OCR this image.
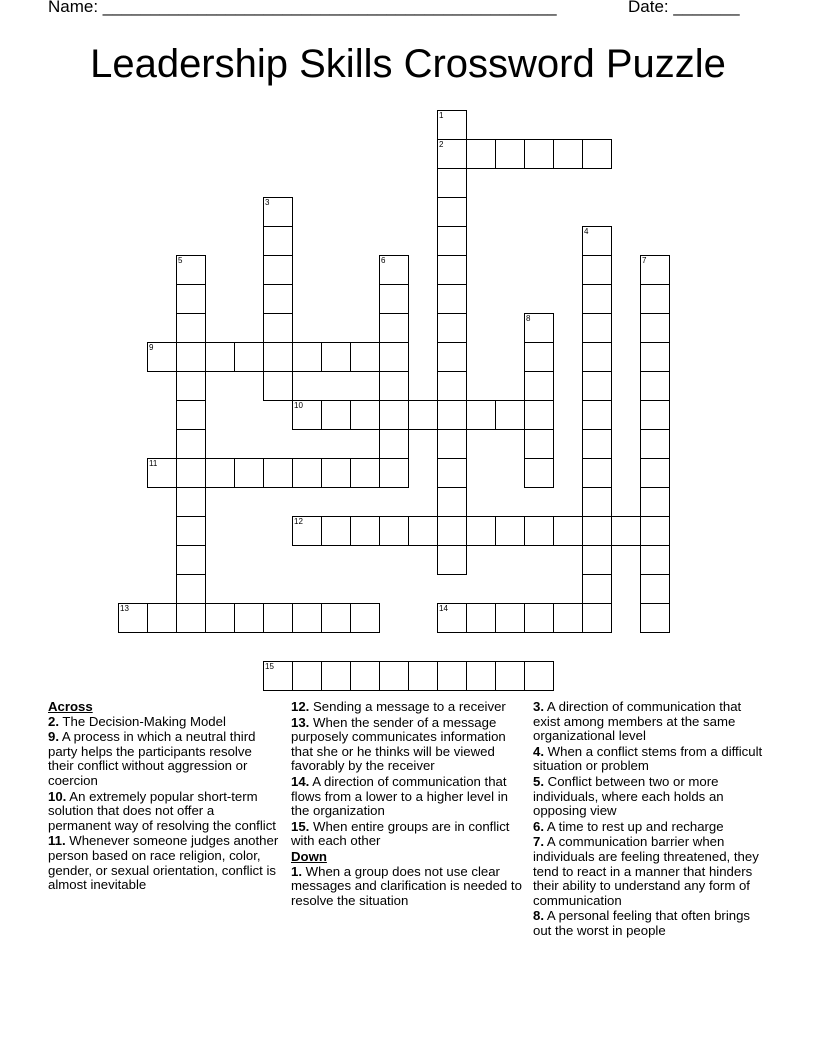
Name: ________________________________________________	Date: _______
Leadership Skills Crossword Puzzle
1
2
3
4
5	6	7
8
9
10
11
12
13	14
15
Across
2. The Decision-Making Model
9. A process in which a neutral third party helps the participants resolve their conflict without aggression or coercion
10. An extremely popular short-term solution that does not offer a permanent way of resolving the conflict
11. Whenever someone judges another person based on race religion, color, gender, or sexual orientation, conflict is almost inevitable
12. Sending a message to a receiver
13. When the sender of a message purposely communicates information that she or he thinks will be viewed favorably by the receiver
14. A direction of communication that flows from a lower to a higher level in the organization
15. When entire groups are in conflict with each other
Down
1. When a group does not use clear messages and clarification is needed to resolve the situation
3. A direction of communication that exist among members at the same organizational level
4. When a conflict stems from a difficult situation or problem
5. Conflict between two or more individuals, where each holds an opposing view
6. A time to rest up and recharge
7. A communication barrier when individuals are feeling threatened, they tend to react in a manner that hinders their ability to understand any form of communication
8. A personal feeling that often brings out the worst in people
